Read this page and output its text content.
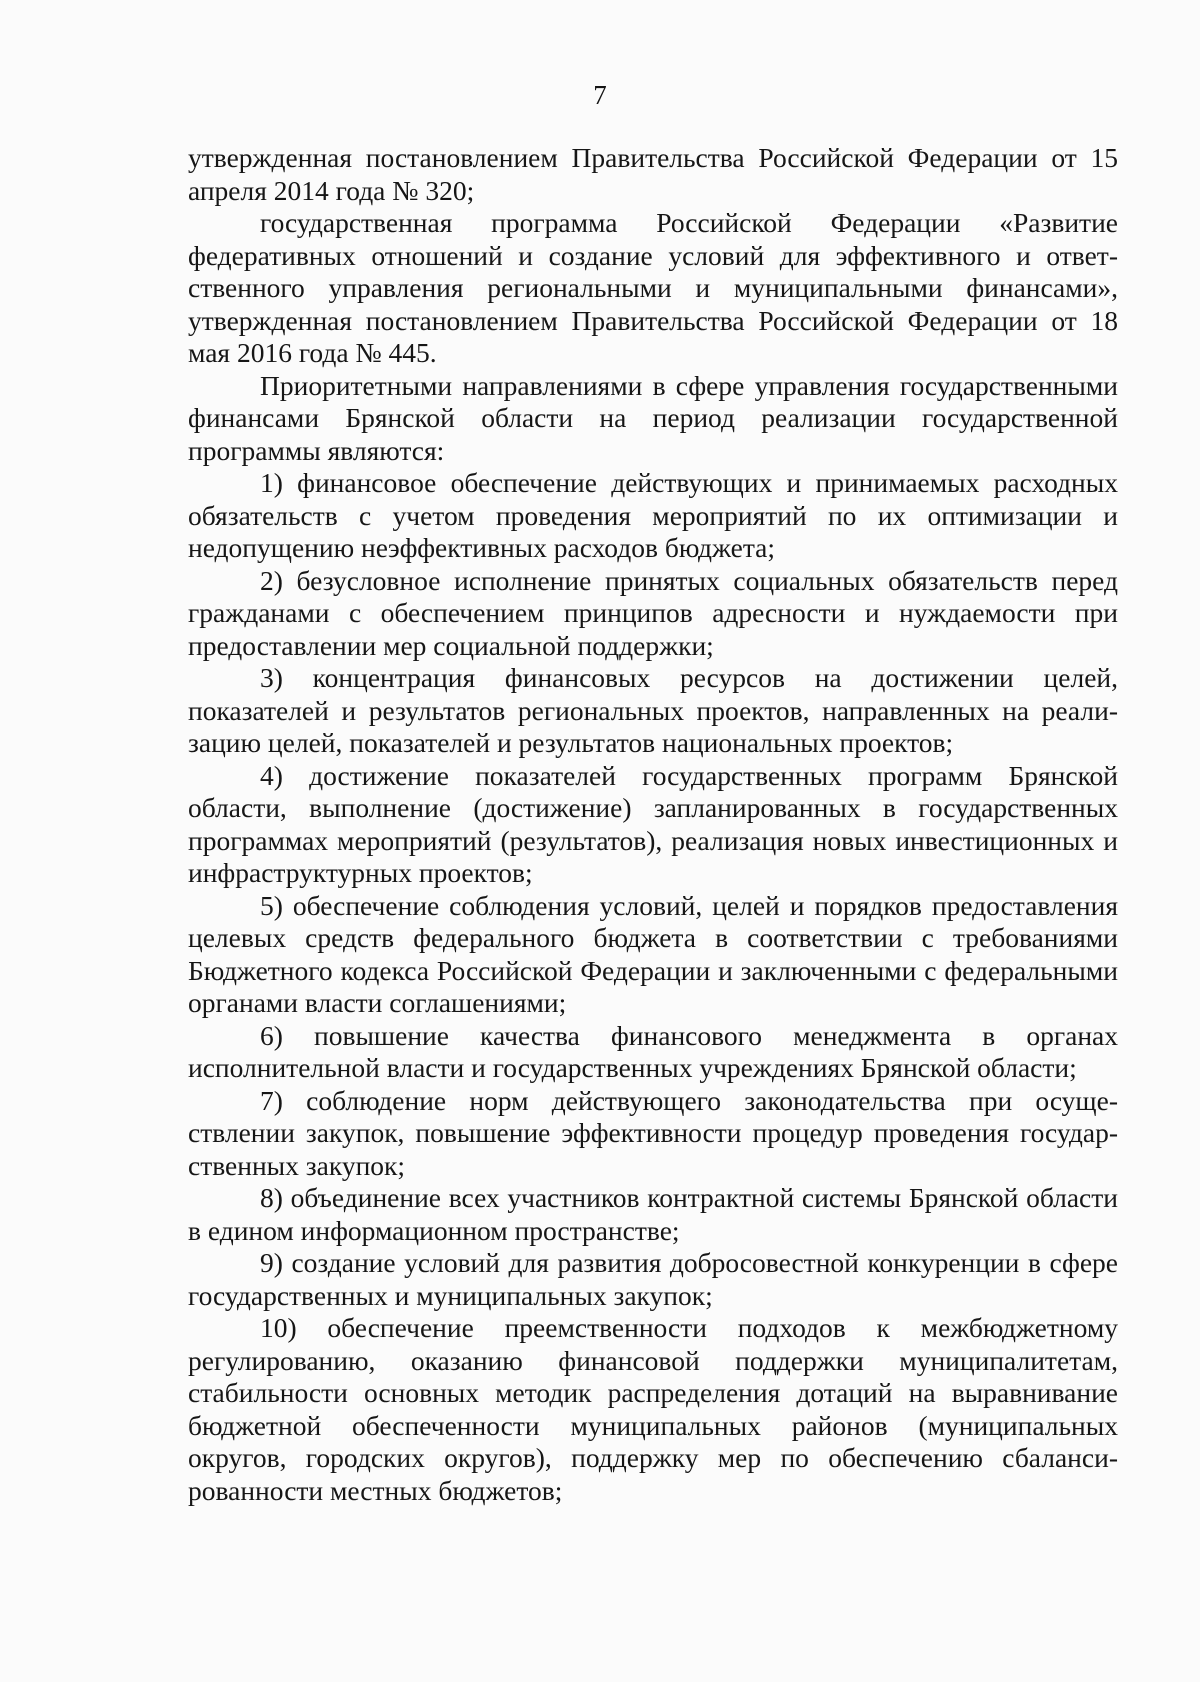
7

утвержденная постановлением Правительства Российской Федерации от 15 апреля 2014 года № 320;

государственная программа Российской Федерации «Развитие федеративных отношений и создание условий для эффективного и ответственного управления региональными и муниципальными финансами», утвержденная постановлением Правительства Российской Федерации от 18 мая 2016 года № 445.

Приоритетными направлениями в сфере управления государственными финансами Брянской области на период реализации государственной программы являются:

1) финансовое обеспечение действующих и принимаемых расходных обязательств с учетом проведения мероприятий по их оптимизации и недопущению неэффективных расходов бюджета;

2) безусловное исполнение принятых социальных обязательств перед гражданами с обеспечением принципов адресности и нуждаемости при предоставлении мер социальной поддержки;

3) концентрация финансовых ресурсов на достижении целей, показателей и результатов региональных проектов, направленных на реализацию целей, показателей и результатов национальных проектов;

4) достижение показателей государственных программ Брянской области, выполнение (достижение) запланированных в государственных программах мероприятий (результатов), реализация новых инвестиционных и инфраструктурных проектов;

5) обеспечение соблюдения условий, целей и порядков предоставления целевых средств федерального бюджета в соответствии с требованиями Бюджетного кодекса Российской Федерации и заключенными с федеральными органами власти соглашениями;

6) повышение качества финансового менеджмента в органах исполнительной власти и государственных учреждениях Брянской области;

7) соблюдение норм действующего законодательства при осуществлении закупок, повышение эффективности процедур проведения государственных закупок;

8) объединение всех участников контрактной системы Брянской области в едином информационном пространстве;

9) создание условий для развития добросовестной конкуренции в сфере государственных и муниципальных закупок;

10) обеспечение преемственности подходов к межбюджетному регулированию, оказанию финансовой поддержки муниципалитетам, стабильности основных методик распределения дотаций на выравнивание бюджетной обеспеченности муниципальных районов (муниципальных округов, городских округов), поддержку мер по обеспечению сбалансированности местных бюджетов;
